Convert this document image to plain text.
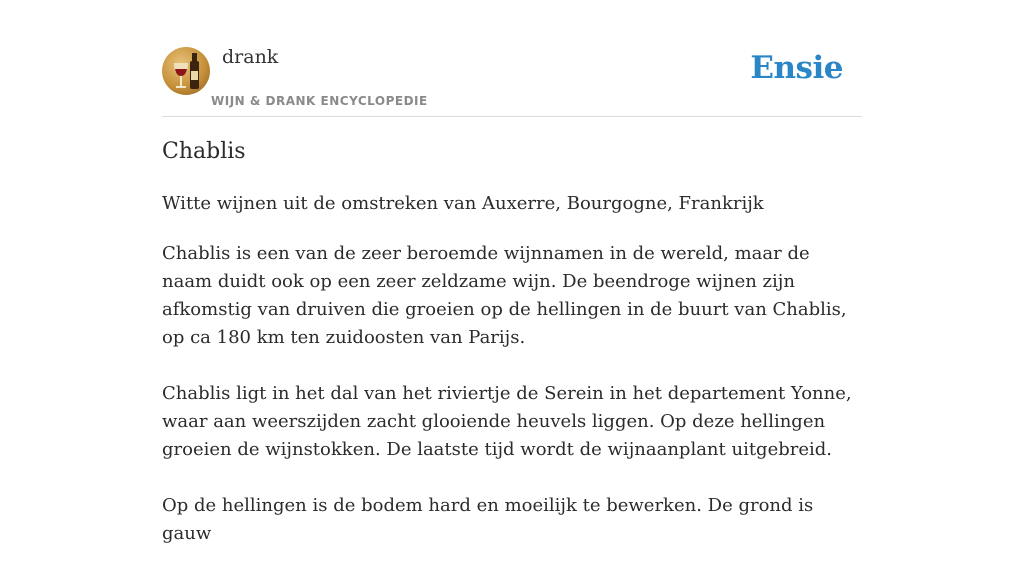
drank
WIJN & DRANK ENCYCLOPEDIE
Ensie
Chablis

Witte wijnen uit de omstreken van Auxerre, Bourgogne, Frankrijk

Chablis is een van de zeer beroemde wijnnamen in de wereld, maar de naam duidt ook op een zeer zeldzame wijn. De beendroge wijnen zijn afkomstig van druiven die groeien op de hellingen in de buurt van Chablis, op ca 180 km ten zuidoosten van Parijs.

Chablis ligt in het dal van het riviertje de Serein in het departement Yonne, waar aan weerszijden zacht glooiende heuvels liggen. Op deze hellingen groeien de wijnstokken. De laatste tijd wordt de wijnaanplant uitgebreid.

Op de hellingen is de bodem hard en moeilijk te bewerken. De grond is gauw
